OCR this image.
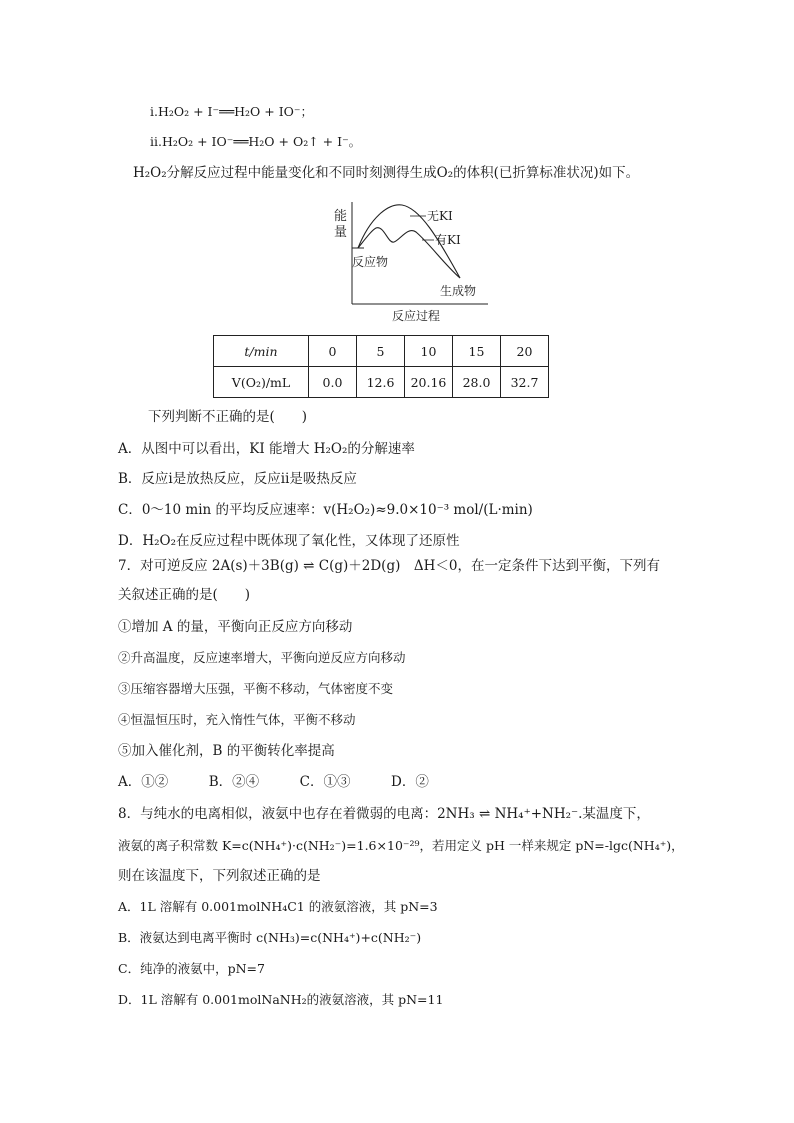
ⅰ.H₂O₂ + I⁻══H₂O + IO⁻；
ⅱ.H₂O₂ + IO⁻══H₂O + O₂↑ + I⁻。
H₂O₂分解反应过程中能量变化和不同时刻测得生成O₂的体积(已折算标准状况)如下。
能
量
无KI
有KI
反应物
生成物
反应过程
t/min	0	5	10	15	20
V(O₂)/mL	0.0	12.6	20.16	28.0	32.7
下列判断不正确的是(　　)
A．从图中可以看出，KI 能增大 H₂O₂的分解速率
B．反应ⅰ是放热反应，反应ⅱ是吸热反应
C．0～10 min 的平均反应速率：v(H₂O₂)≈9.0×10⁻³ mol/(L·min)
D．H₂O₂在反应过程中既体现了氧化性，又体现了还原性
7．对可逆反应 2A(s)＋3B(g) ⇌ C(g)＋2D(g)　ΔH＜0，在一定条件下达到平衡，下列有
关叙述正确的是(　　)
①增加 A 的量，平衡向正反应方向移动
②升高温度，反应速率增大，平衡向逆反应方向移动
③压缩容器增大压强，平衡不移动，气体密度不变
④恒温恒压时，充入惰性气体，平衡不移动
⑤加入催化剂，B 的平衡转化率提高
A．①②　　　B．②④　　　C．①③　　　D．②
8．与纯水的电离相似，液氨中也存在着微弱的电离：2NH₃ ⇌ NH₄⁺+NH₂⁻.某温度下，
液氨的离子积常数 K=c(NH₄⁺)·c(NH₂⁻)=1.6×10⁻²⁹，若用定义 pH 一样来规定 pN=-lgc(NH₄⁺)，
则在该温度下，下列叙述正确的是
A．1L 溶解有 0.001molNH₄C1 的液氨溶液，其 pN=3
B．液氨达到电离平衡时 c(NH₃)=c(NH₄⁺)+c(NH₂⁻)
C．纯净的液氨中，pN=7
D．1L 溶解有 0.001molNaNH₂的液氨溶液，其 pN=11
